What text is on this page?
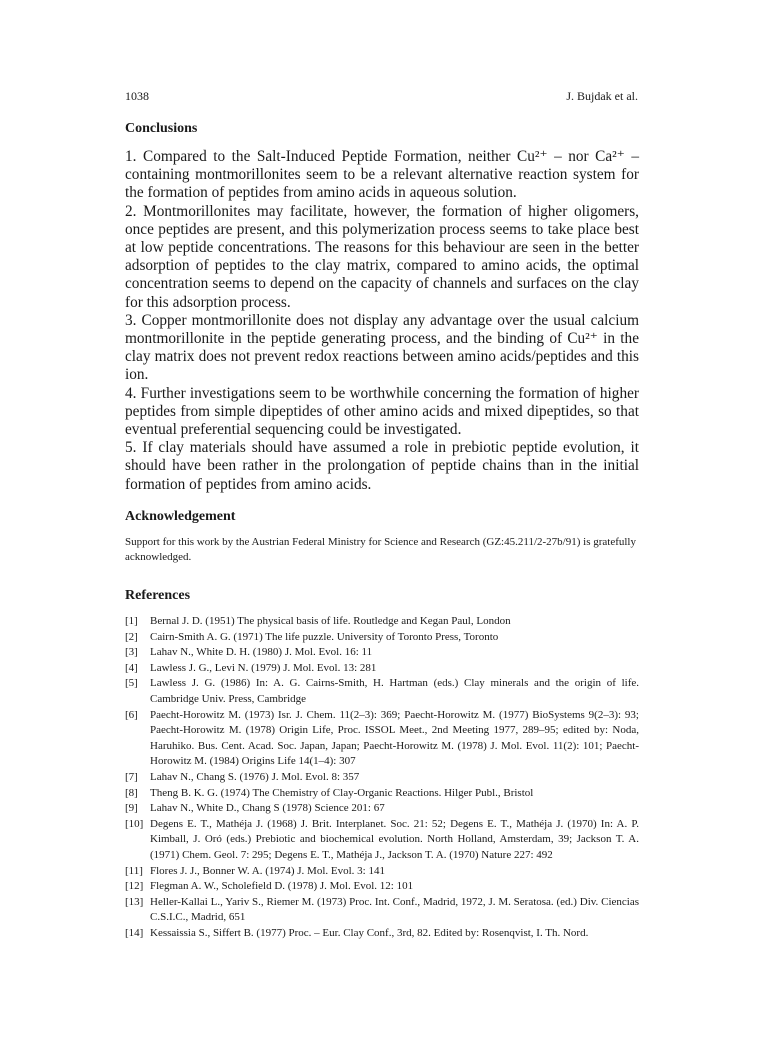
1038	J. Bujdak et al.
Conclusions

1. Compared to the Salt-Induced Peptide Formation, neither Cu²⁺ – nor Ca²⁺ – containing montmorillonites seem to be a relevant alternative reaction system for the formation of peptides from amino acids in aqueous solution.

2. Montmorillonites may facilitate, however, the formation of higher oligomers, once peptides are present, and this polymerization process seems to take place best at low peptide concentrations. The reasons for this behaviour are seen in the better adsorption of peptides to the clay matrix, compared to amino acids, the optimal concentration seems to depend on the capacity of channels and surfaces on the clay for this adsorption process.

3. Copper montmorillonite does not display any advantage over the usual calcium montmorillonite in the peptide generating process, and the binding of Cu²⁺ in the clay matrix does not prevent redox reactions between amino acids/peptides and this ion.

4. Further investigations seem to be worthwhile concerning the formation of higher peptides from simple dipeptides of other amino acids and mixed dipeptides, so that eventual preferential sequencing could be investigated.

5. If clay materials should have assumed a role in prebiotic peptide evolution, it should have been rather in the prolongation of peptide chains than in the initial formation of peptides from amino acids.

Acknowledgement
Support for this work by the Austrian Federal Ministry for Science and Research (GZ:45.211/2-27b/91) is gratefully acknowledged.
References
[1]	Bernal J. D. (1951) The physical basis of life. Routledge and Kegan Paul, London
[2]	Cairn-Smith A. G. (1971) The life puzzle. University of Toronto Press, Toronto
[3]	Lahav N., White D. H. (1980) J. Mol. Evol. 16: 11
[4]	Lawless J. G., Levi N. (1979) J. Mol. Evol. 13: 281
[5]	Lawless J. G. (1986) In: A. G. Cairns-Smith, H. Hartman (eds.) Clay minerals and the origin of life. Cambridge Univ. Press, Cambridge
[6]	Paecht-Horowitz M. (1973) Isr. J. Chem. 11(2–3): 369; Paecht-Horowitz M. (1977) BioSystems 9(2–3): 93; Paecht-Horowitz M. (1978) Origin Life, Proc. ISSOL Meet., 2nd Meeting 1977, 289–95; edited by: Noda, Haruhiko. Bus. Cent. Acad. Soc. Japan, Japan; Paecht-Horowitz M. (1978) J. Mol. Evol. 11(2): 101; Paecht-Horowitz M. (1984) Origins Life 14(1–4): 307
[7]	Lahav N., Chang S. (1976) J. Mol. Evol. 8: 357
[8]	Theng B. K. G. (1974) The Chemistry of Clay-Organic Reactions. Hilger Publ., Bristol
[9]	Lahav N., White D., Chang S (1978) Science 201: 67
[10] Degens E. T., Mathéja J. (1968) J. Brit. Interplanet. Soc. 21: 52; Degens E. T., Mathéja J. (1970) In: A. P. Kimball, J. Oró (eds.) Prebiotic and biochemical evolution. North Holland, Amsterdam, 39; Jackson T. A. (1971) Chem. Geol. 7: 295; Degens E. T., Mathéja J., Jackson T. A. (1970) Nature 227: 492
[11] Flores J. J., Bonner W. A. (1974) J. Mol. Evol. 3: 141
[12] Flegman A. W., Scholefield D. (1978) J. Mol. Evol. 12: 101
[13] Heller-Kallai L., Yariv S., Riemer M. (1973) Proc. Int. Conf., Madrid, 1972, J. M. Seratosa. (ed.) Div. Ciencias C.S.I.C., Madrid, 651
[14] Kessaissia S., Siffert B. (1977) Proc. – Eur. Clay Conf., 3rd, 82. Edited by: Rosenqvist, I. Th. Nord.
